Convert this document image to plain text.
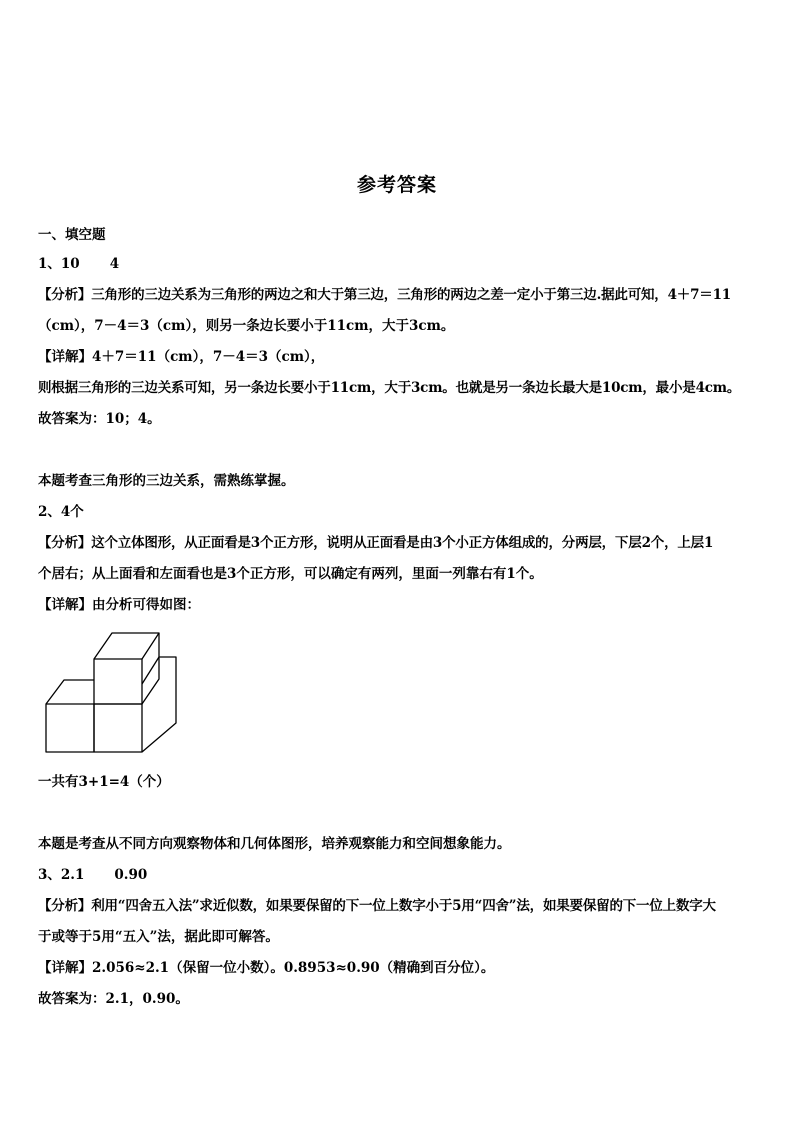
参考答案
一、填空题
1、10 4
【分析】三角形的三边关系为三角形的两边之和大于第三边，三角形的两边之差一定小于第三边.据此可知，4＋7＝11
（cm），7－4＝3（cm），则另一条边长要小于11cm，大于3cm。
【详解】4＋7＝11（cm），7－4＝3（cm），
则根据三角形的三边关系可知，另一条边长要小于11cm，大于3cm。也就是另一条边长最大是10cm，最小是4cm。
故答案为：10；4。
本题考查三角形的三边关系，需熟练掌握。
2、4个
【分析】这个立体图形，从正面看是3个正方形，说明从正面看是由3个小正方体组成的，分两层，下层2个，上层1
个居右；从上面看和左面看也是3个正方形，可以确定有两列，里面一列靠右有1个。
【详解】由分析可得如图：
一共有3+1=4（个）
本题是考查从不同方向观察物体和几何体图形，培养观察能力和空间想象能力。
3、2.1 0.90
【分析】利用“四舍五入法”求近似数，如果要保留的下一位上数字小于5用“四舍”法，如果要保留的下一位上数字大
于或等于5用“五入”法，据此即可解答。
【详解】2.056≈2.1（保留一位小数）。0.8953≈0.90（精确到百分位）。
故答案为：2.1，0.90。
